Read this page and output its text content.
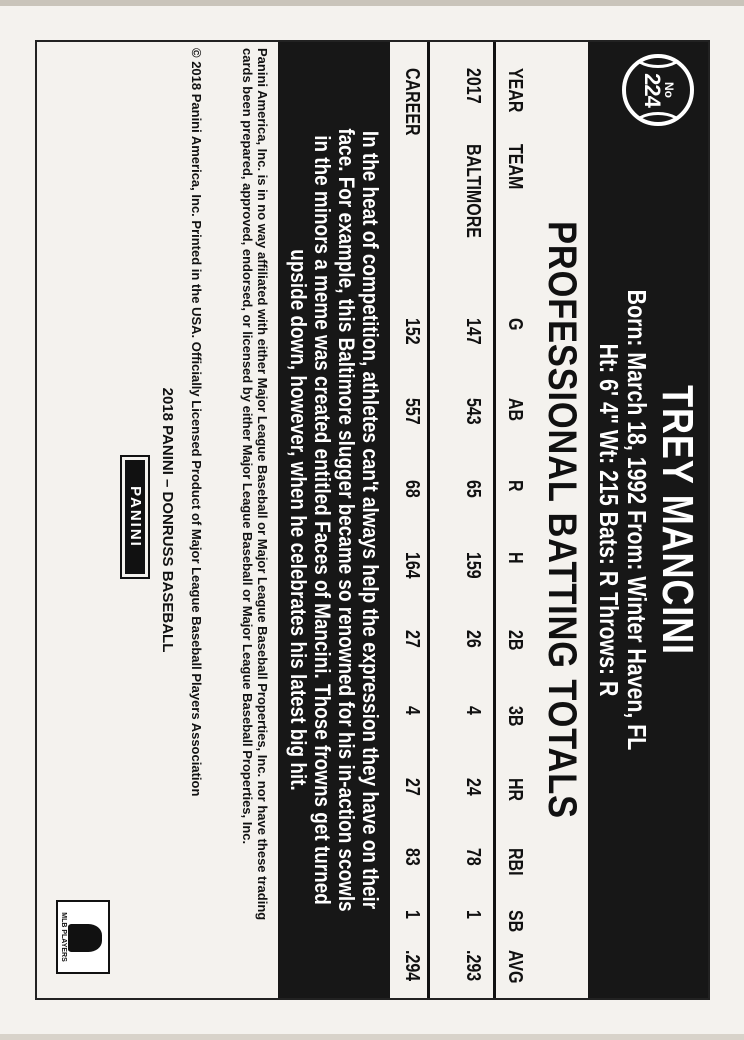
No
224
TREY MANCINI
Born: March 18, 1992 From: Winter Haven, FL
Ht: 6' 4" Wt: 215 Bats: R Throws: R
PROFESSIONAL BATTING TOTALS
YEAR
TEAM
G
AB
R
H
2B
3B
HR
RBI
SB
AVG
2017
BALTIMORE
147
543
65
159
26
4
24
78
1
.293
CAREER
152
557
68
164
27
4
27
83
1
.294
In the heat of competition, athletes can't always help the expression they have on their face. For example, this Baltimore slugger became so renowned for his in-action scowls in the minors a meme was created entitled Faces of Mancini. Those frowns get turned upside down, however, when he celebrates his latest big hit.
Panini America, Inc. is in no way affiliated with either Major League Baseball or Major League Baseball Properties, Inc. nor have these trading cards been prepared, approved, endorsed, or licensed by either Major League Baseball or Major League Baseball Properties, Inc.
© 2018 Panini America, Inc. Printed in the USA. Officially Licensed Product of Major League Baseball Players Association
2018 PANINI – DONRUSS BASEBALL
PANINI
MLB PLAYERS
